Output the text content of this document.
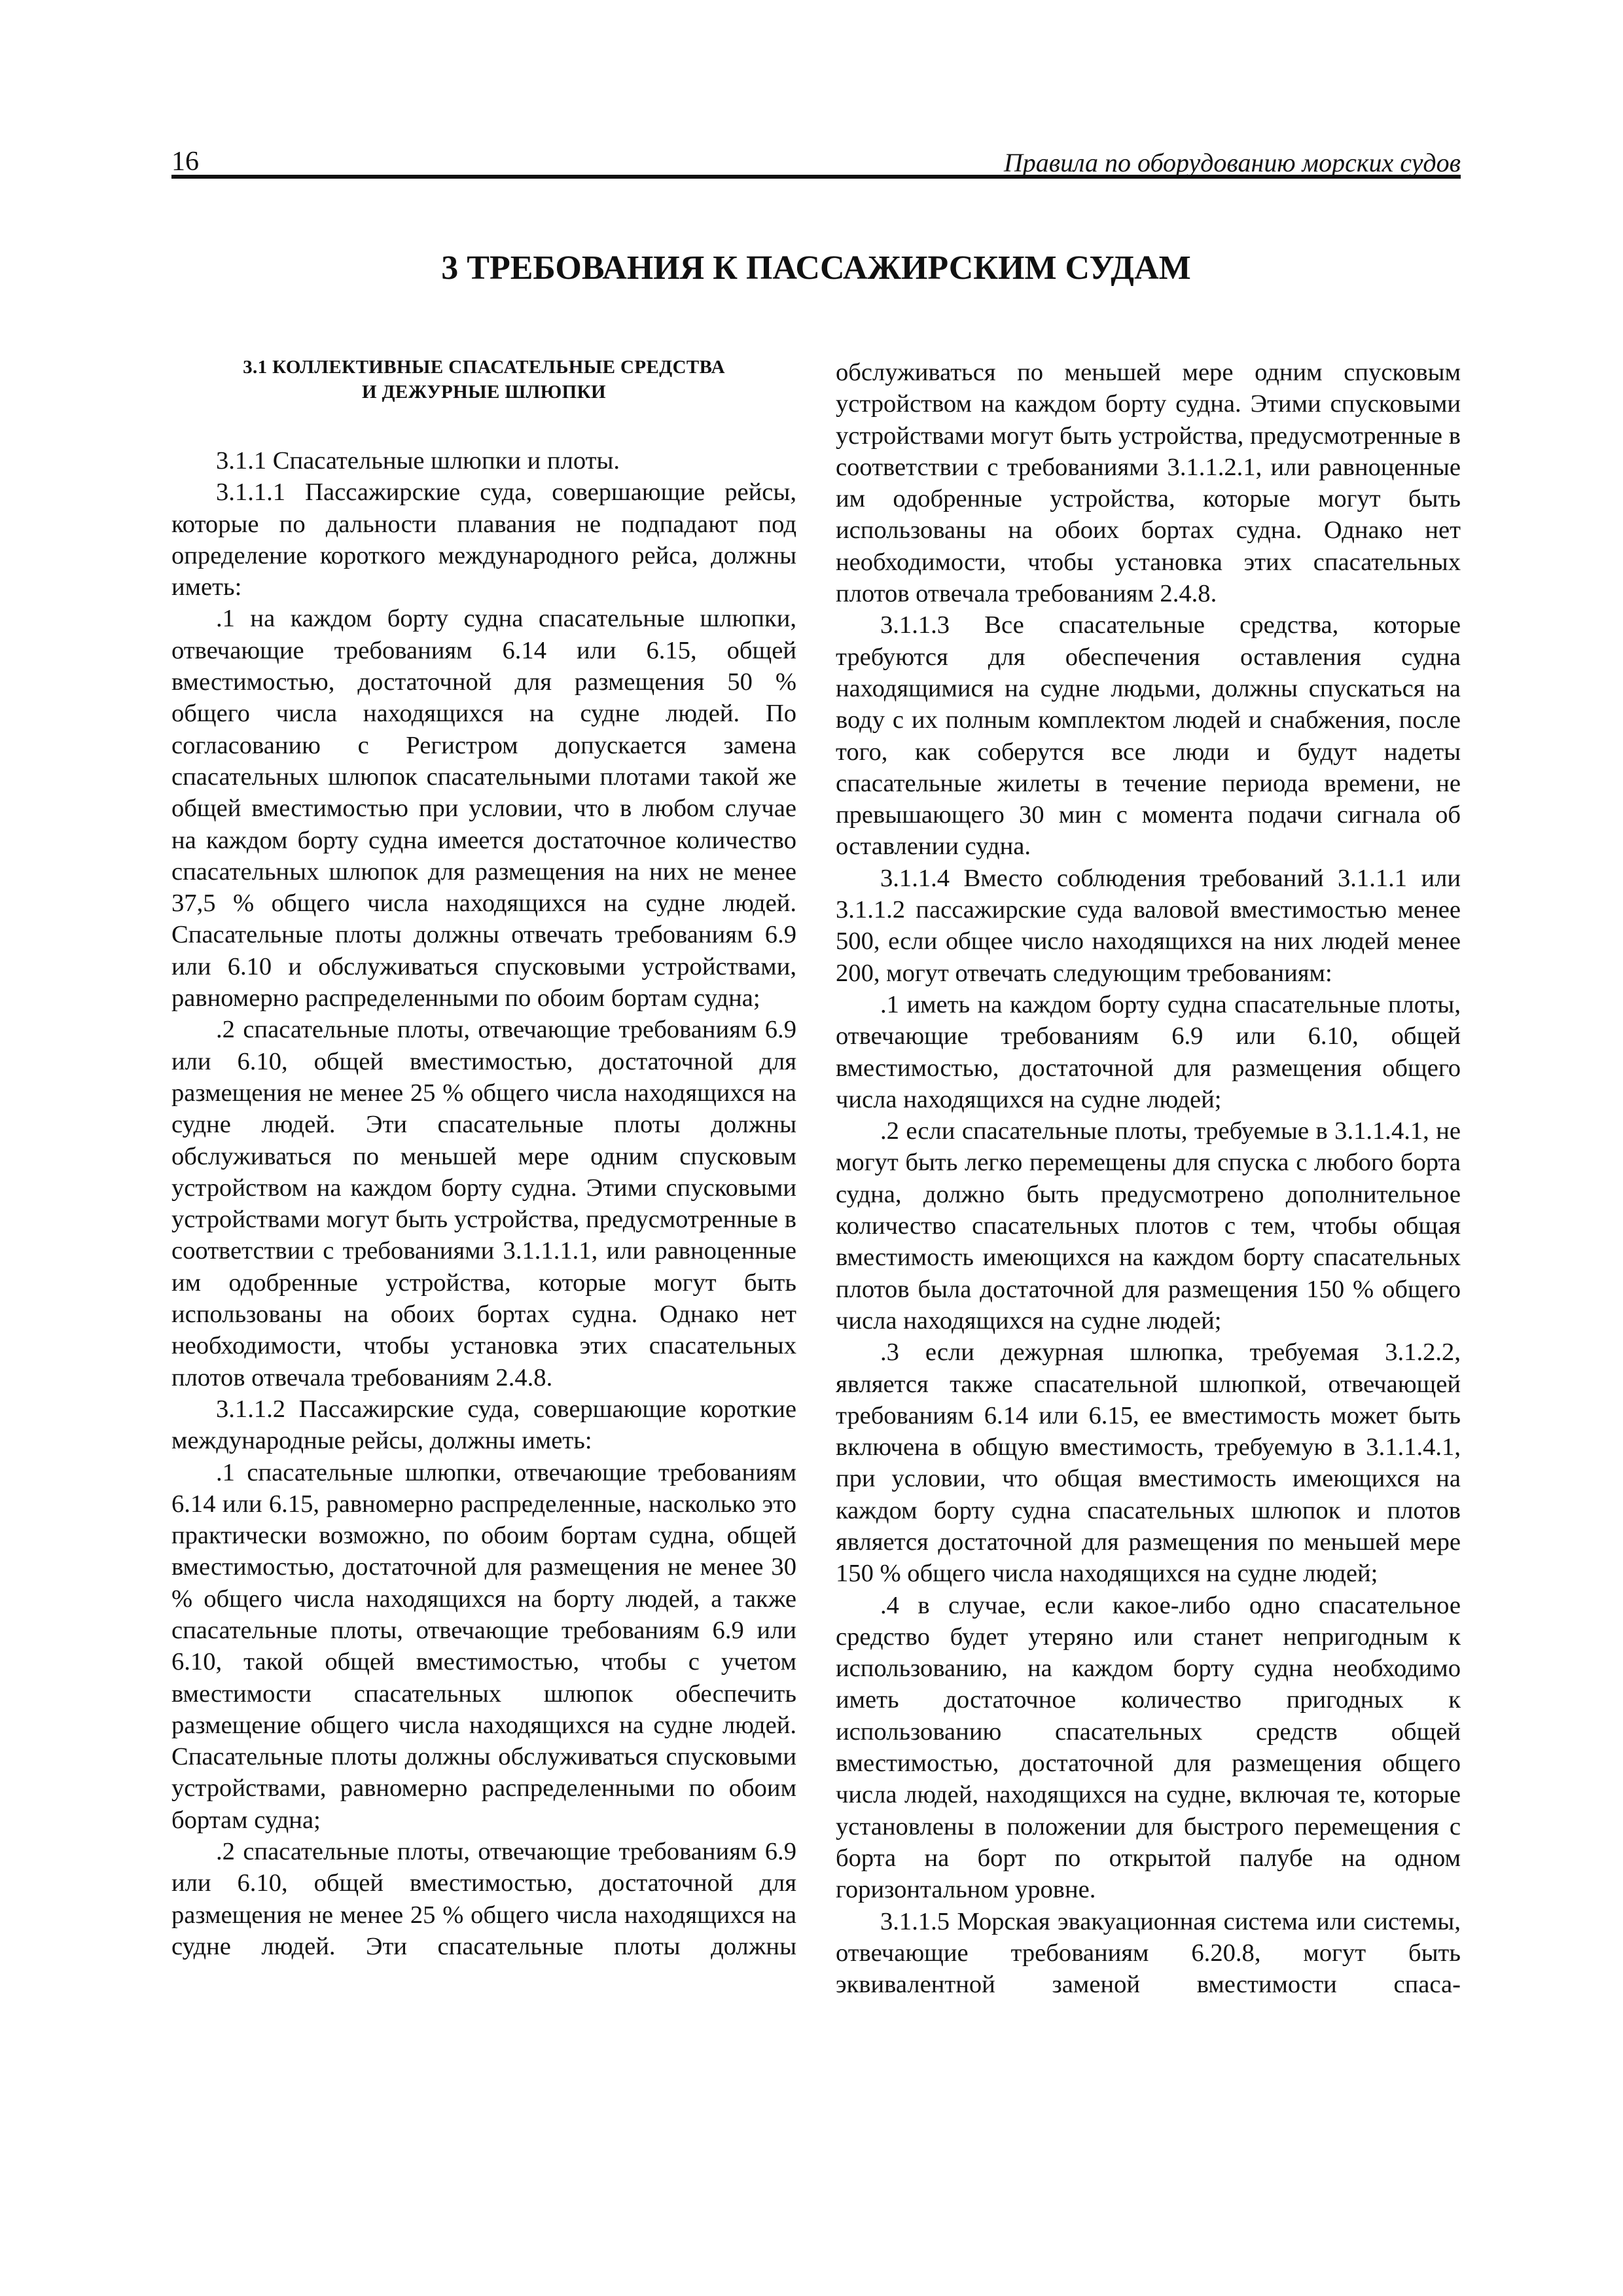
16	Правила по оборудованию морских судов
3 ТРЕБОВАНИЯ К ПАССАЖИРСКИМ СУДАМ
3.1 КОЛЛЕКТИВНЫЕ СПАСАТЕЛЬНЫЕ СРЕДСТВА
И ДЕЖУРНЫЕ ШЛЮПКИ

3.1.1 Спасательные шлюпки и плоты.

3.1.1.1 Пассажирские суда, совершающие рейсы, которые по дальности плавания не подпадают под определение короткого международного рейса, должны иметь:

.1 на каждом борту судна спасательные шлюпки, отвечающие требованиям 6.14 или 6.15, общей вместимостью, достаточной для размещения 50 % общего числа находящихся на судне людей. По согласованию с Регистром допускается замена спасательных шлюпок спасательными плотами такой же общей вместимостью при условии, что в любом случае на каждом борту судна имеется достаточное количество спасательных шлюпок для размещения на них не менее 37,5 % общего числа находящихся на судне людей. Спасательные плоты должны отвечать требованиям 6.9 или 6.10 и обслуживаться спусковыми устройствами, равномерно распределенными по обоим бортам судна;

.2 спасательные плоты, отвечающие требованиям 6.9 или 6.10, общей вместимостью, достаточной для размещения не менее 25 % общего числа находящихся на судне людей. Эти спасательные плоты должны обслуживаться по меньшей мере одним спусковым устройством на каждом борту судна. Этими спусковыми устройствами могут быть устройства, предусмотренные в соответствии с требованиями 3.1.1.1.1, или равноценные им одобренные устройства, которые могут быть использованы на обоих бортах судна. Однако нет необходимости, чтобы установка этих спасательных плотов отвечала требованиям 2.4.8.

3.1.1.2 Пассажирские суда, совершающие короткие международные рейсы, должны иметь:

.1 спасательные шлюпки, отвечающие требованиям 6.14 или 6.15, равномерно распределенные, насколько это практически возможно, по обоим бортам судна, общей вместимостью, достаточной для размещения не менее 30 % общего числа находящихся на борту людей, а также спасательные плоты, отвечающие требованиям 6.9 или 6.10, такой общей вместимостью, чтобы с учетом вместимости спасательных шлюпок обеспечить размещение общего числа находящихся на судне людей. Спасательные плоты должны обслуживаться спусковыми устройствами, равномерно распределенными по обоим бортам судна;

.2 спасательные плоты, отвечающие требованиям 6.9 или 6.10, общей вместимостью, достаточной для размещения не менее 25 % общего числа находящихся на судне людей. Эти спасательные плоты должны

обслуживаться по меньшей мере одним спусковым устройством на каждом борту судна. Этими спусковыми устройствами могут быть устройства, предусмотренные в соответствии с требованиями 3.1.1.2.1, или равноценные им одобренные устройства, которые могут быть использованы на обоих бортах судна. Однако нет необходимости, чтобы установка этих спасательных плотов отвечала требованиям 2.4.8.

3.1.1.3 Все спасательные средства, которые требуются для обеспечения оставления судна находящимися на судне людьми, должны спускаться на воду с их полным комплектом людей и снабжения, после того, как соберутся все люди и будут надеты спасательные жилеты в течение периода времени, не превышающего 30 мин с момента подачи сигнала об оставлении судна.

3.1.1.4 Вместо соблюдения требований 3.1.1.1 или 3.1.1.2 пассажирские суда валовой вместимостью менее 500, если общее число находящихся на них людей менее 200, могут отвечать следующим требованиям:

.1 иметь на каждом борту судна спасательные плоты, отвечающие требованиям 6.9 или 6.10, общей вместимостью, достаточной для размещения общего числа находящихся на судне людей;

.2 если спасательные плоты, требуемые в 3.1.1.4.1, не могут быть легко перемещены для спуска с любого борта судна, должно быть предусмотрено дополнительное количество спасательных плотов с тем, чтобы общая вместимость имеющихся на каждом борту спасательных плотов была достаточной для размещения 150 % общего числа находящихся на судне людей;

.3 если дежурная шлюпка, требуемая 3.1.2.2, является также спасательной шлюпкой, отвечающей требованиям 6.14 или 6.15, ее вместимость может быть включена в общую вместимость, требуемую в 3.1.1.4.1, при условии, что общая вместимость имеющихся на каждом борту судна спасательных шлюпок и плотов является достаточной для размещения по меньшей мере 150 % общего числа находящихся на судне людей;

.4 в случае, если какое-либо одно спасательное средство будет утеряно или станет непригодным к использованию, на каждом борту судна необходимо иметь достаточное количество пригодных к использованию спасательных средств общей вместимостью, достаточной для размещения общего числа людей, находящихся на судне, включая те, которые установлены в положении для быстрого перемещения с борта на борт по открытой палубе на одном горизонтальном уровне.

3.1.1.5 Морская эвакуационная система или системы, отвечающие требованиям 6.20.8, могут быть эквивалентной заменой вместимости спаса-
